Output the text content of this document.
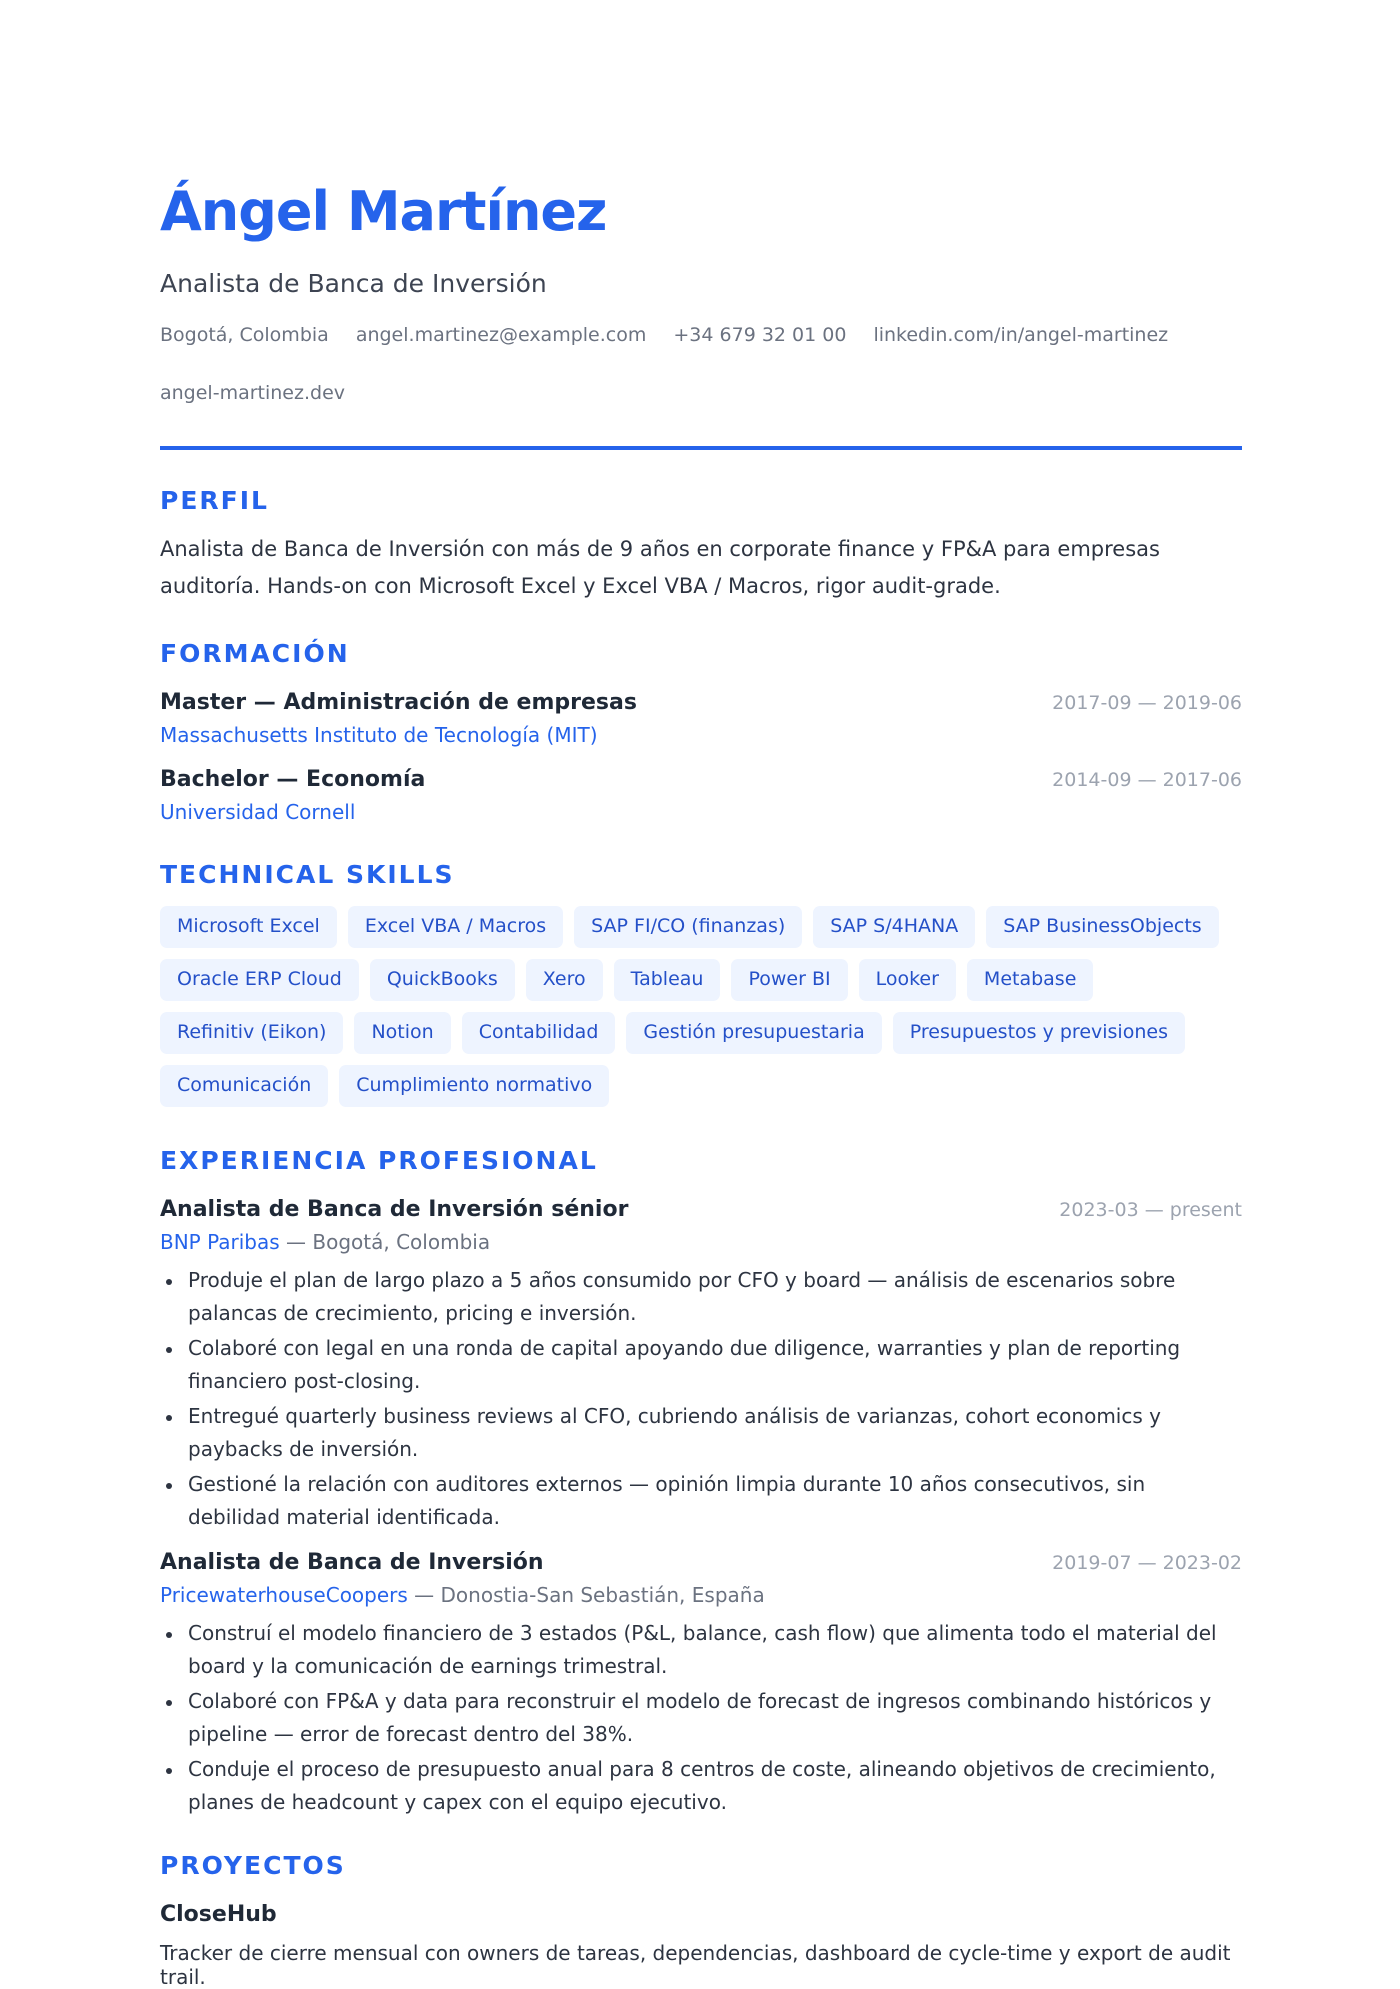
Ángel Martínez
Analista de Banca de Inversión
Bogotá, Colombia angel.martinez@example.com +34 679 32 01 00 linkedin.com/in/angel-martinezangel-martinez.dev
PERFIL
Analista de Banca de Inversión con más de 9 años en corporate finance y FP&A para empresas auditoría. Hands-on con Microsoft Excel y Excel VBA / Macros, rigor audit-grade.
FORMACIÓN
Master — Administración de empresas	2017-09 — 2019-06
Massachusetts Instituto de Tecnología (MIT)
Bachelor — Economía	2014-09 — 2017-06
Universidad Cornell
TECHNICAL SKILLS
Microsoft Excel	Excel VBA / Macros	SAP FI/CO (finanzas)	SAP S/4HANA	SAP BusinessObjects
Oracle ERP Cloud	QuickBooks	Xero	Tableau	Power BI	Looker	Metabase
Refinitiv (Eikon)	Notion	Contabilidad	Gestión presupuestaria	Presupuestos y previsiones
Comunicación	Cumplimiento normativo
EXPERIENCIA PROFESIONAL
Analista de Banca de Inversión sénior	2023-03 — present
BNP Paribas — Bogotá, Colombia
Produje el plan de largo plazo a 5 años consumido por CFO y board — análisis de escenarios sobre palancas de crecimiento, pricing e inversión.
Colaboré con legal en una ronda de capital apoyando due diligence, warranties y plan de reporting financiero post-closing.
Entregué quarterly business reviews al CFO, cubriendo análisis de varianzas, cohort economics y paybacks de inversión.
Gestioné la relación con auditores externos — opinión limpia durante 10 años consecutivos, sin debilidad material identificada.
Analista de Banca de Inversión	2019-07 — 2023-02
PricewaterhouseCoopers — Donostia-San Sebastián, España
Construí el modelo financiero de 3 estados (P&L, balance, cash flow) que alimenta todo el material del board y la comunicación de earnings trimestral.
Colaboré con FP&A y data para reconstruir el modelo de forecast de ingresos combinando históricos y pipeline — error de forecast dentro del 38%.
Conduje el proceso de presupuesto anual para 8 centros de coste, alineando objetivos de crecimiento, planes de headcount y capex con el equipo ejecutivo.
PROYECTOS
CloseHub
Tracker de cierre mensual con owners de tareas, dependencias, dashboard de cycle-time y export de audit trail.
